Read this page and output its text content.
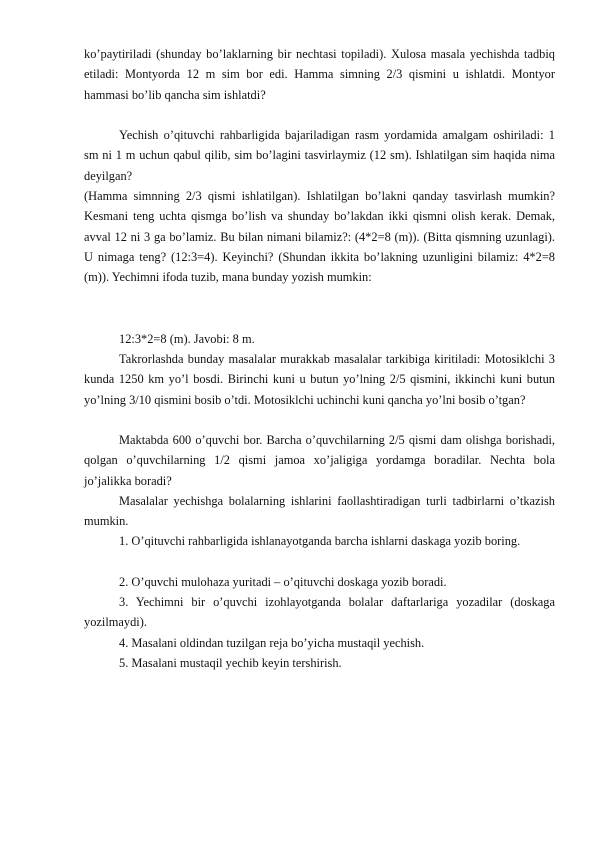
ko’paytiriladi (shunday bo’laklarning bir nechtasi topiladi). Xulosa masala yechishda tadbiq etiladi: Montyorda 12 m sim bor edi. Hamma simning 2/3 qismini u ishlatdi. Montyor hammasi bo’lib qancha sim ishlatdi?

Yechish o’qituvchi rahbarligida bajariladigan rasm yordamida amalgam oshiriladi: 1 sm ni 1 m uchun qabul qilib, sim bo’lagini tasvirlaymiz (12 sm). Ishlatilgan sim haqida nima deyilgan?

(Hamma simnning 2/3 qismi ishlatilgan). Ishlatilgan bo’lakni qanday tasvirlash mumkin? Kesmani teng uchta qismga bo’lish va shunday bo’lakdan ikki qismni olish kerak. Demak, avval 12 ni 3 ga bo’lamiz. Bu bilan nimani bilamiz?: (4*2=8 (m)). (Bitta qismning uzunlagi). U nimaga teng? (12:3=4). Keyinchi? (Shundan ikkita bo’lakning uzunligini bilamiz: 4*2=8 (m)). Yechimni ifoda tuzib, mana bunday yozish mumkin:

12:3*2=8 (m). Javobi: 8 m.

Takrorlashda bunday masalalar murakkab masalalar tarkibiga kiritiladi: Motosiklchi 3 kunda 1250 km yo’l bosdi. Birinchi kuni u butun yo’lning 2/5 qismini, ikkinchi kuni butun yo’lning 3/10 qismini bosib o’tdi. Motosiklchi uchinchi kuni qancha yo’lni bosib o’tgan?

Maktabda 600 o’quvchi bor. Barcha o’quvchilarning 2/5 qismi dam olishga borishadi, qolgan o’quvchilarning 1/2 qismi jamoa xo’jaligiga yordamga boradilar. Nechta bola jo’jalikka boradi?

Masalalar yechishga bolalarning ishlarini faollashtiradigan turli tadbirlarni o’tkazish mumkin.

1. O’qituvchi rahbarligida ishlanayotganda barcha ishlarni daskaga yozib boring.

2. O’quvchi mulohaza yuritadi – o’qituvchi doskaga yozib boradi.

3. Yechimni bir o’quvchi izohlayotganda bolalar daftarlariga yozadilar (doskaga yozilmaydi).

4. Masalani oldindan tuzilgan reja bo’yicha mustaqil yechish.

5. Masalani mustaqil yechib keyin tershirish.
